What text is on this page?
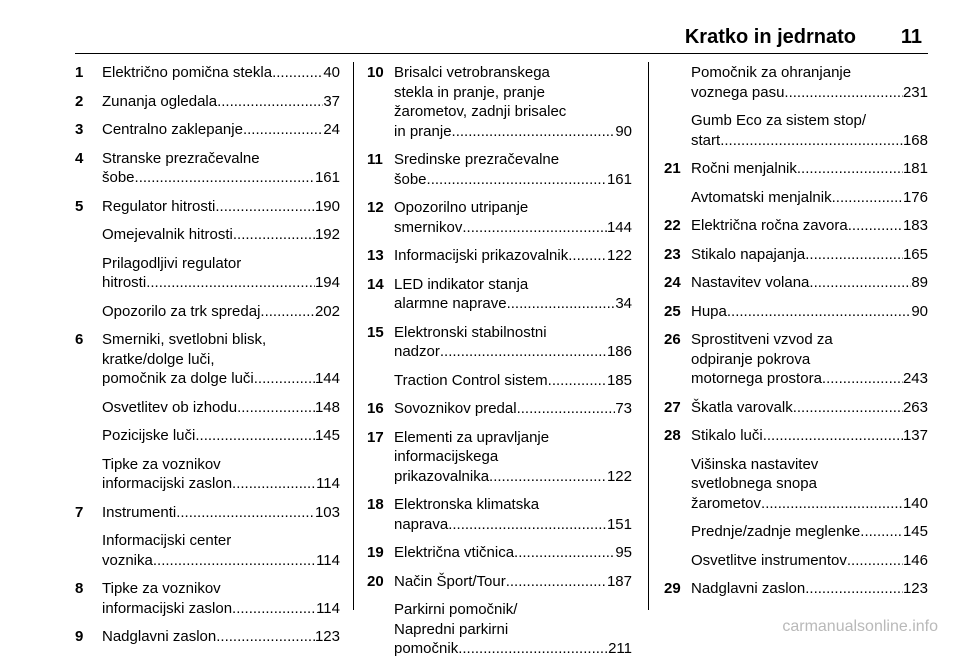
Kratko in jedrnato 11
1	Električno pomična stekla .....	40
2	Zunanja ogledala .....	37
3	Centralno zaklepanje .....	24
4	Stranske prezračevalne
šobe .....	161
5	Regulator hitrosti .....	190
Omejevalnik hitrosti .....	192
Prilagodljivi regulator
hitrosti .....	194
Opozorilo za trk spredaj .....	202
6	Smerniki, svetlobni blisk,
kratke/dolge luči,
pomočnik za dolge luči .....	144
Osvetlitev ob izhodu .....	148
Pozicijske luči .....	145
Tipke za voznikov
informacijski zaslon .....	114
7	Instrumenti .....	103
Informacijski center
voznika .....	114
8	Tipke za voznikov
informacijski zaslon .....	114
9	Nadglavni zaslon .....	123
10 Brisalci vetrobranskega
stekla in pranje, pranje
žarometov, zadnji brisalec
in pranje .....	90
11 Sredinske prezračevalne
šobe .....	161
12 Opozorilno utripanje
smernikov .....	144
13 Informacijski prikazovalnik .....	122
14 LED indikator stanja
alarmne naprave .....	34
15 Elektronski stabilnostni
nadzor .....	186
Traction Control sistem .....	185
16 Sovoznikov predal .....	73
17 Elementi za upravljanje
informacijskega
prikazovalnika .....	122
18 Elektronska klimatska
naprava .....	151
19 Električna vtičnica .....	95
20 Način Šport/Tour .....	187
Parkirni pomočnik/
Napredni parkirni
pomočnik .....	211
Pomočnik za ohranjanje
voznega pasu .....	231
Gumb Eco za sistem stop/
start .....	168
21 Ročni menjalnik .....	181
Avtomatski menjalnik .....	176
22 Električna ročna zavora .....	183
23 Stikalo napajanja .....	165
24 Nastavitev volana .....	89
25 Hupa .....	90
26 Sprostitveni vzvod za
odpiranje pokrova
motornega prostora .....	243
27 Škatla varovalk .....	263
28 Stikalo luči .....	137
Višinska nastavitev
svetlobnega snopa
žarometov .....	140
Prednje/zadnje meglenke .....	145
Osvetlitve instrumentov .....	146
29 Nadglavni zaslon .....	123
carmanualsonline.info
